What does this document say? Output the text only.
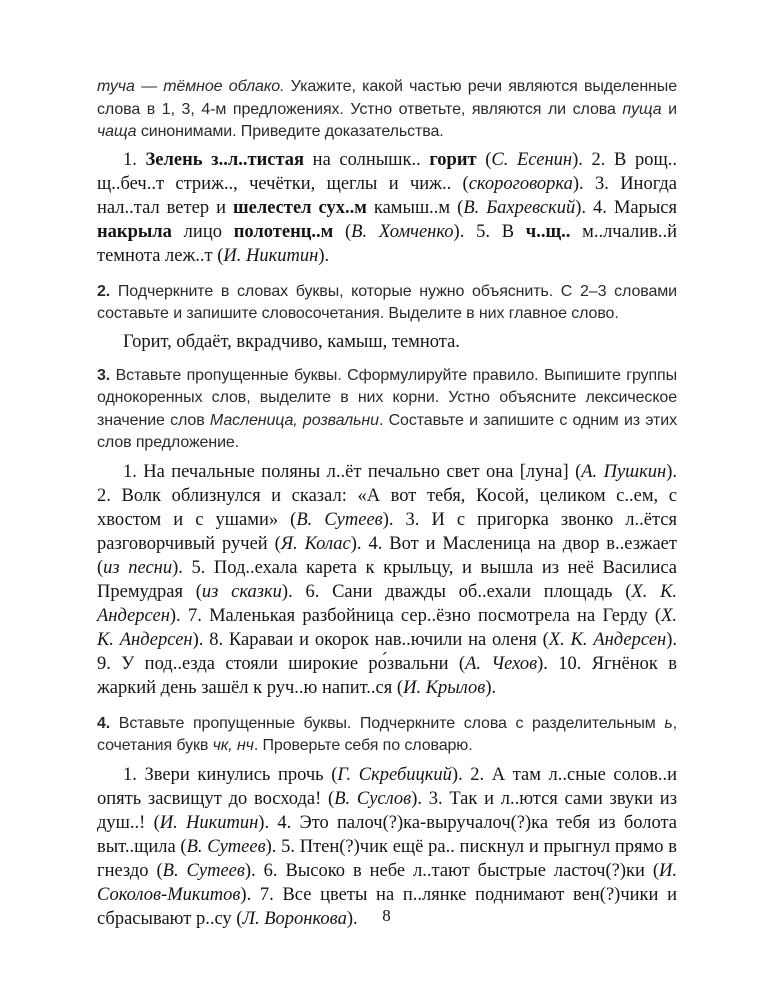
туча — тёмное облако. Укажите, какой частью речи являются выделенные слова в 1, 3, 4-м предложениях. Устно ответьте, являются ли слова пуща и чаща синонимами. Приведите доказательства.

1. Зелень з..л..тистая на солнышк.. горит (С. Есенин). 2. В рощ.. щ..беч..т стриж.., чечётки, щеглы и чиж.. (скороговорка). 3. Иногда нал..тал ветер и шелестел сух..м камыш..м (В. Бахревский). 4. Марыся накрыла лицо полотенц..м (В. Хомченко). 5. В ч..щ.. м..лчалив..й темнота леж..т (И. Никитин).

2. Подчеркните в словах буквы, которые нужно объяснить. С 2–3 словами составьте и запишите словосочетания. Выделите в них главное слово.

Горит, обдаёт, вкрадчиво, камыш, темнота.

3. Вставьте пропущенные буквы. Сформулируйте правило. Выпишите группы однокоренных слов, выделите в них корни. Устно объясните лексическое значение слов Масленица, розвальни. Составьте и запишите с одним из этих слов предложение.

1. На печальные поляны л..ёт печально свет она [луна] (А. Пушкин). 2. Волк облизнулся и сказал: «А вот тебя, Косой, целиком с..ем, с хвостом и с ушами» (В. Сутеев). 3. И с пригорка звонко л..ётся разговорчивый ручей (Я. Колас). 4. Вот и Масленица на двор в..езжает (из песни). 5. Под..ехала карета к крыльцу, и вышла из неё Василиса Премудрая (из сказки). 6. Сани дважды об..ехали площадь (Х. К. Андерсен). 7. Маленькая разбойница сер..ёзно посмотрела на Герду (Х. К. Андерсен). 8. Караваи и окорок нав..ючили на оленя (Х. К. Андерсен). 9. У под..езда стояли широкие ро́звальни (А. Чехов). 10. Ягнёнок в жаркий день зашёл к руч..ю напит..ся (И. Крылов).

4. Вставьте пропущенные буквы. Подчеркните слова с разделительным ь, сочетания букв чк, нч. Проверьте себя по словарю.

1. Звери кинулись прочь (Г. Скребицкий). 2. А там л..сные солов..и опять засвищут до восхода! (В. Суслов). 3. Так и л..ются сами звуки из душ..! (И. Никитин). 4. Это палоч(?)ка-выручалоч(?)ка тебя из болота выт..щила (В. Сутеев). 5. Птен(?)чик ещё ра.. пискнул и прыгнул прямо в гнездо (В. Сутеев). 6. Высоко в небе л..тают быстрые ласточ(?)ки (И. Соколов-Микитов). 7. Все цветы на п..лянке поднимают вен(?)чики и сбрасывают р..су (Л. Воронкова).	8
